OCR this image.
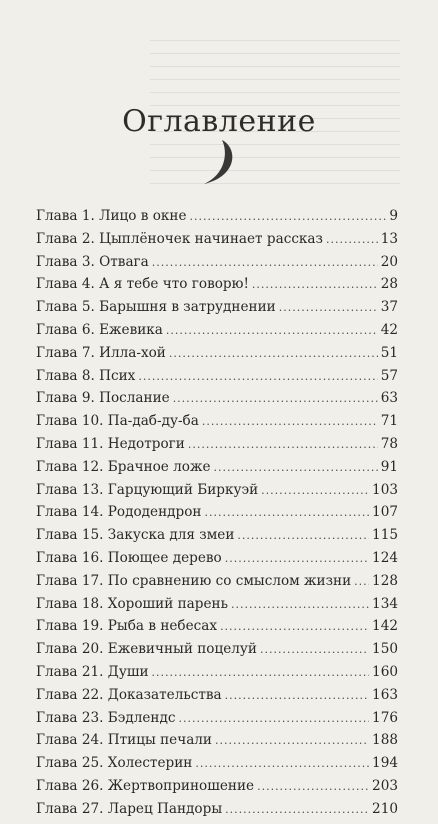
Оглавление
Глава 1. Лицо в окне .....	9
Глава 2. Цыплёночек начинает рассказ .....	13
Глава 3. Отвага .....	20
Глава 4. А я тебе что говорю! .....	28
Глава 5. Барышня в затруднении .....	37
Глава 6. Ежевика .....	42
Глава 7. Илла-хой .....	51
Глава 8. Псих .....	57
Глава 9. Послание .....	63
Глава 10. Па-даб-ду-ба .....	71
Глава 11. Недотроги .....	78
Глава 12. Брачное ложе .....	91
Глава 13. Гарцующий Биркуэй .....	103
Глава 14. Рододендрон .....	107
Глава 15. Закуска для змеи .....	115
Глава 16. Поющее дерево .....	124
Глава 17. По сравнению со смыслом жизни ..... 128
Глава 18. Хороший парень .....	134
Глава 19. Рыба в небесах .....	142
Глава 20. Ежевичный поцелуй .....	150
Глава 21. Души .....	160
Глава 22. Доказательства .....	163
Глава 23. Бэдлендс .....	176
Глава 24. Птицы печали .....	188
Глава 25. Холестерин .....	194
Глава 26. Жертвоприношение .....	203
Глава 27. Ларец Пандоры .....	210
